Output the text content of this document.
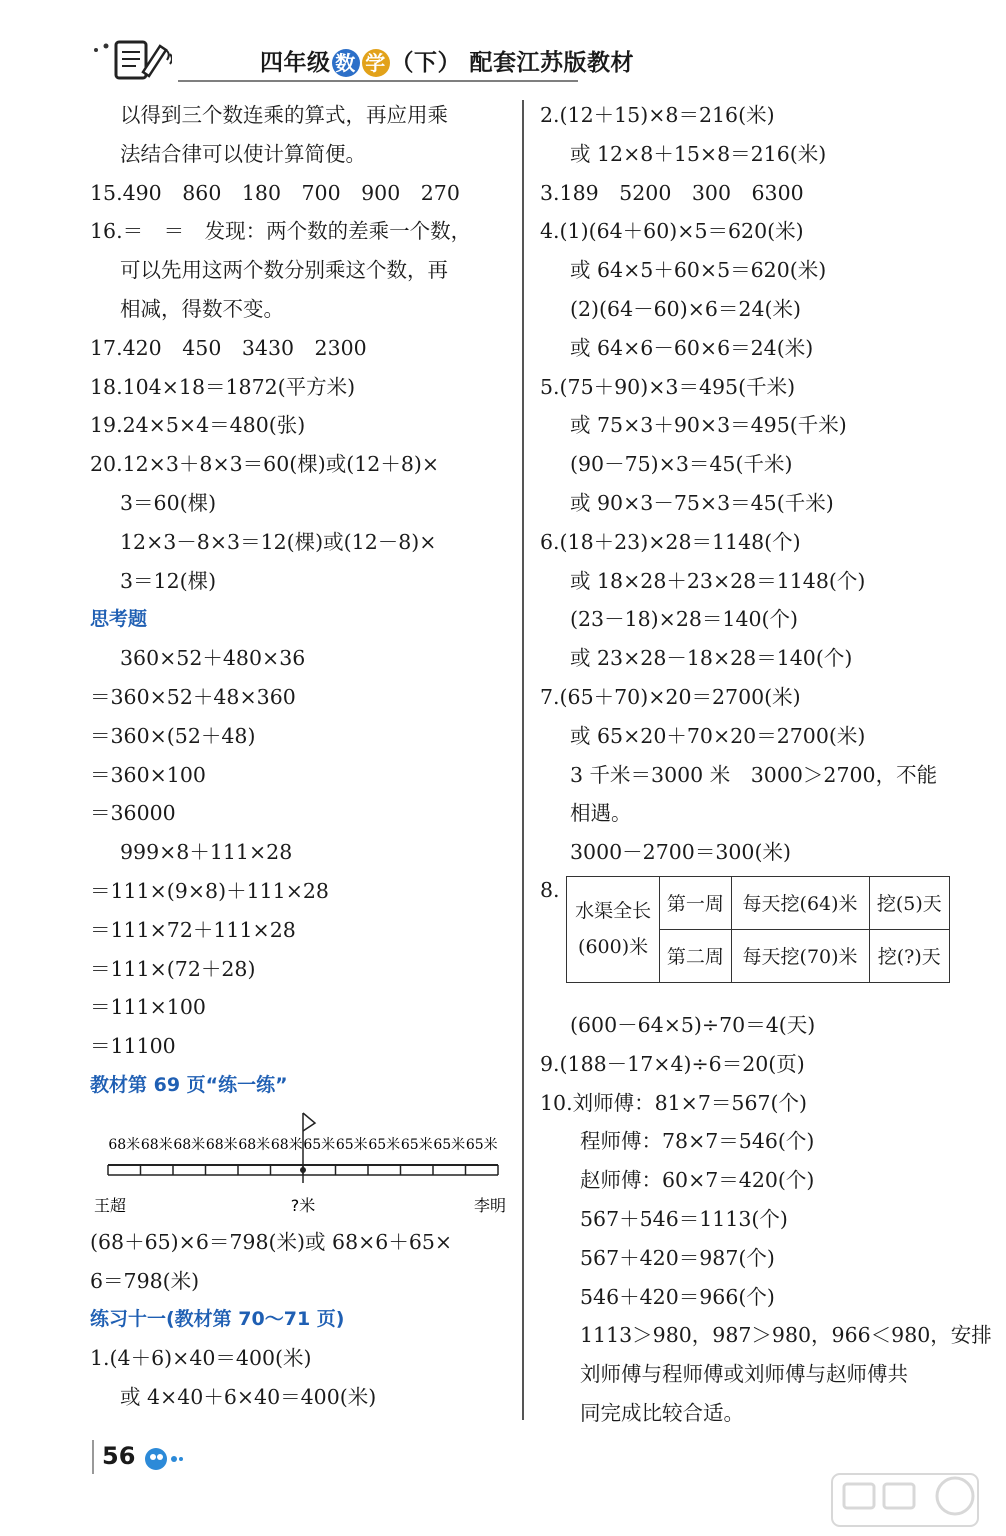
四年级 数 学 （下） 配套江苏版教材
以得到三个数连乘的算式，再应用乘
法结合律可以使计算简便。
15.490　860　180　700　900　270
16.＝　＝　发现：两个数的差乘一个数，
可以先用这两个数分别乘这个数，再
相减，得数不变。
17.420　450　3430　2300
18.104×18＝1872(平方米)
19.24×5×4＝480(张)
20.12×3＋8×3＝60(棵)或(12＋8)×
3＝60(棵)
12×3－8×3＝12(棵)或(12－8)×
3＝12(棵)
思考题
360×52＋480×36
＝360×52＋48×360
＝360×(52＋48)
＝360×100
＝36000
999×8＋111×28
＝111×(9×8)＋111×28
＝111×72＋111×28
＝111×(72＋28)
＝111×100
＝11100
教材第 69 页“练一练”
68米 68米 68米 68米 68米 68米 65米 65米 65米 65米 65米 65米
王超	?米	李明
(68＋65)×6＝798(米)或 68×6＋65×
6＝798(米)
练习十一(教材第 70～71 页)
1.(4＋6)×40＝400(米)
或 4×40＋6×40＝400(米)
2.(12＋15)×8＝216(米)
或 12×8＋15×8＝216(米)
3.189　5200　300　6300
4.(1)(64＋60)×5＝620(米)
或 64×5＋60×5＝620(米)
(2)(64－60)×6＝24(米)
或 64×6－60×6＝24(米)
5.(75＋90)×3＝495(千米)
或 75×3＋90×3＝495(千米)
(90－75)×3＝45(千米)
或 90×3－75×3＝45(千米)
6.(18＋23)×28＝1148(个)
或 18×28＋23×28＝1148(个)
(23－18)×28＝140(个)
或 23×28－18×28＝140(个)
7.(65＋70)×20＝2700(米)
或 65×20＋70×20＝2700(米)
3 千米＝3000 米　3000＞2700，不能
相遇。
3000－2700＝300(米)
8.
水渠全长
(600)米	第一周	每天挖(64)米	挖(5)天
	第二周	每天挖(70)米	挖(?)天
(600－64×5)÷70＝4(天)
9.(188－17×4)÷6＝20(页)
10.刘师傅：81×7＝567(个)
程师傅：78×7＝546(个)
赵师傅：60×7＝420(个)
567＋546＝1113(个)
567＋420＝987(个)
546＋420＝966(个)
1113＞980，987＞980，966＜980，安排
刘师傅与程师傅或刘师傅与赵师傅共
同完成比较合适。
56
